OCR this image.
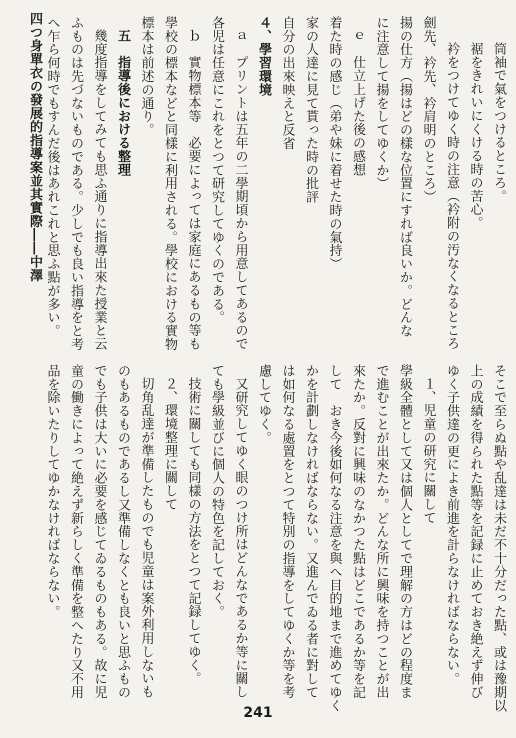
四つ身單衣の發展的指導案並其實際――中澤	筒袖で氣をつけるところ。
裾をきれいにくける時の苦心。
衿をつけてゆく時の注意（衿附の汚なくなるところ
劍先、衿先、衿肩明のところ）
揚の仕方（揚はどの樣な位置にすれば良いか。どんな
に注意して揚をしてゆくか）
ｅ　仕立上げた後の感想
着た時の感じ（弟や妹に着せた時の氣持）
家の人達に見て貰った時の批評
自分の出來映えと反省
４、學習環境
ａ　プリントは五年の二學期頃から用意してあるので
各児は任意にこれをとつて研究してゆくのである。
ｂ　實物標本等　必要によっては家庭にあるもの等も
學校の標本などと同樣に利用される。學校における實物
標本は前述の通り。
五　指導後における整理
幾度指導をしてみても思ふ通りに指導出來た授業と云
ふものは先づないものである。少しでも良い指導をと考
へ乍ら何時でもすんだ後はあれこれと思ふ點が多い。
そこで至らぬ點や乱達は未だ不十分だった點、或は豫期以
上の成績を得られた點等を記録に止めておき絶えず伸び
ゆく子供達の更によき前進を計らなければならない。
１、児童の研究に關して
學級全體として又は個人としてで理解の方はどの程度ま
で進むことが出來たか。どんな所に興味を持つことが出
來たか。反對に興味のなかつた點はどこであるか等を記
して　おき今後如何なる注意を與へ目的地まで進めてゆく
かを計劃しなければならない。又進んでゐる者に對して
は如何なる處置をとつて特別の指導をしてゆくか等を考
慮してゆく。
又研究してゆく眼のつけ所はどんなであるか等に關し
ても學級並びに個人の特色を記しておく。
技術に關しても同樣の方法をとつて記録してゆく。
２、環境整理に關して
切角乱達が準備したものでも児童は案外利用しないも
のもあるものであるし又準備しなくとも良いと思ふもの
でも子供は大いに必要を感じてゐるものもある。故に児
童の働きによって絶えず新らしく準備を整へたり又不用
品を除いたりしてゆかなければならない。
241
